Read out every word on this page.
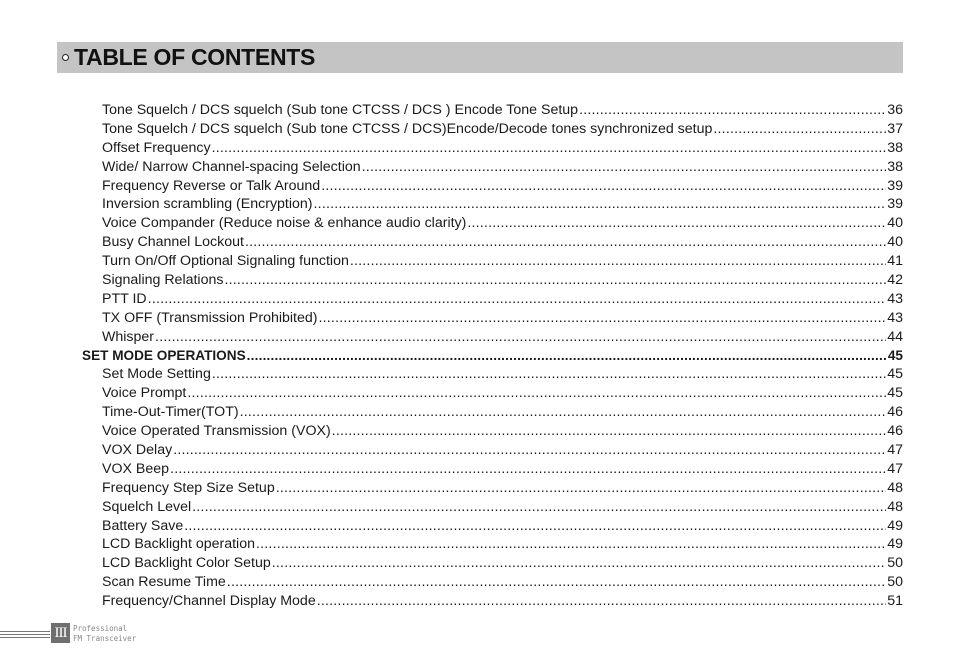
TABLE OF CONTENTS
Tone Squelch / DCS squelch (Sub tone CTCSS / DCS ) Encode Tone Setup .....	36
Tone Squelch / DCS squelch (Sub tone CTCSS / DCS)Encode/Decode tones synchronized setup .....	37
Offset Frequency .....	38
Wide/ Narrow Channel-spacing Selection .....	38
Frequency Reverse or Talk Around .....	39
Inversion scrambling (Encryption) .....	39
Voice Compander (Reduce noise & enhance audio clarity) .....	40
Busy Channel Lockout .....	40
Turn On/Off Optional Signaling function .....	41
Signaling Relations .....	42
PTT ID .....	43
TX OFF (Transmission Prohibited) .....	43
Whisper .....	44
SET MODE OPERATIONS .....	45
Set Mode Setting .....	45
Voice Prompt .....	45
Time-Out-Timer(TOT) .....	46
Voice Operated Transmission (VOX) .....	46
VOX Delay .....	47
VOX Beep .....	47
Frequency Step Size Setup .....	48
Squelch Level .....	48
Battery Save .....	49
LCD Backlight operation .....	49
LCD Backlight Color Setup .....	50
Scan Resume Time .....	50
Frequency/Channel Display Mode .....	51
III Professional
FM Transceiver
